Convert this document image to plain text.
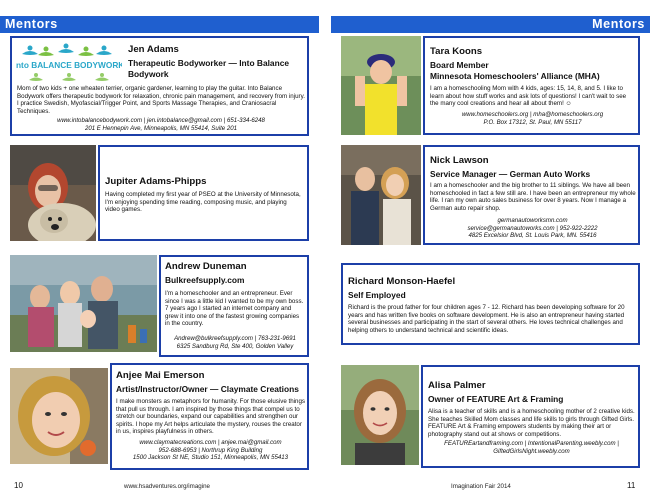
Mentors
into BALANCE BODYWORK
Jen Adams
Therapeutic Bodyworker — Into Balance Bodywork
Mom of two kids + one wheaten terrier, organic gardener, learning to play the guitar. Into Balance Bodywork offers therapeutic bodywork for relaxation, chronic pain management, and recovery from injury. I practice Swedish, Myofascial/Trigger Point, and Sports Massage Therapies, and Craniosacral Techniques.
www.intobalancebodywork.com | jen.intobalance@gmail.com | 651-334-6248
201 E Hennepin Ave, Minneapolis, MN 55414, Suite 201
Jupiter Adams-Phipps
Having completed my first year of PSEO at the University of Minnesota, I'm enjoying spending time reading, composing music, and playing video games.
Andrew Duneman
Bulkreefsupply.com
I'm a homeschooler and an entrepreneur. Ever since I was a little kid I wanted to be my own boss. 7 years ago I started an internet company and grew it into one of the fastest growing companies in the country.
Andrew@bulkreefsupply.com | 763-231-9691
6325 Sandburg Rd, Ste 400, Golden Valley
Anjee Mai Emerson
Artist/Instructor/Owner — Claymate Creations
I make monsters as metaphors for humanity. For those elusive things that pull us through. I am inspired by those things that compel us to stretch our boundaries, expand our capabilities and strengthen our spirits. I hope my Art helps articulate the mystery, rouses the creator in us, inspires playfulness in others.
www.claymatecreations.com | anjee.mai@gmail.com
952-688-6953 | Northrup King Building
1500 Jackson St NE, Studio 151, Minneapolis, MN 55413
10	www.hsadventures.org/imagine
Mentors
Tara Koons
Board Member
Minnesota Homeschoolers' Alliance (MHA)
I am a homeschooling Mom with 4 kids, ages: 15, 14, 8, and 5. I like to learn about how stuff works and ask lots of questions! I can't wait to see the many cool creations and hear all about them! ☺
www.homeschoolers.org | mha@homeschoolers.org
P.O. Box 17312, St. Paul, MN 55117
Nick Lawson
Service Manager — German Auto Works
I am a homeschooler and the big brother to 11 siblings. We have all been homeschooled in fact a few still are. I have been an entrepreneur my whole life. I ran my own auto sales business for over 8 years. Now I manage a German auto repair shop.
germanautoworksmn.com
service@germanautoworks.com | 952-922-2222
4825 Excelsior Blvd, St. Louis Park, MN. 55416
Richard Monson-Haefel
Self Employed
Richard is the proud father for four children ages 7 - 12. Richard has been developing software for 20 years and has written five books on software development. He is also an entrepreneur having started several businesses and participating in the start of several others. He loves technical challenges and helping others to understand technical and scientific ideas.
Alisa Palmer
Owner of FEATURE Art & Framing
Alisa is a teacher of skills and is a homeschooling mother of 2 creative kids. She teaches Skilled Mom classes and life skills to girls through Gifted Girls. FEATURE Art & Framing empowers students by making their art or photography stand out at shows or competitions.
FEATUREartandframing.com | IntentionalParenting.weebly.com |
GiftedGirlsNight.weebly.com
Imagination Fair 2014	11
